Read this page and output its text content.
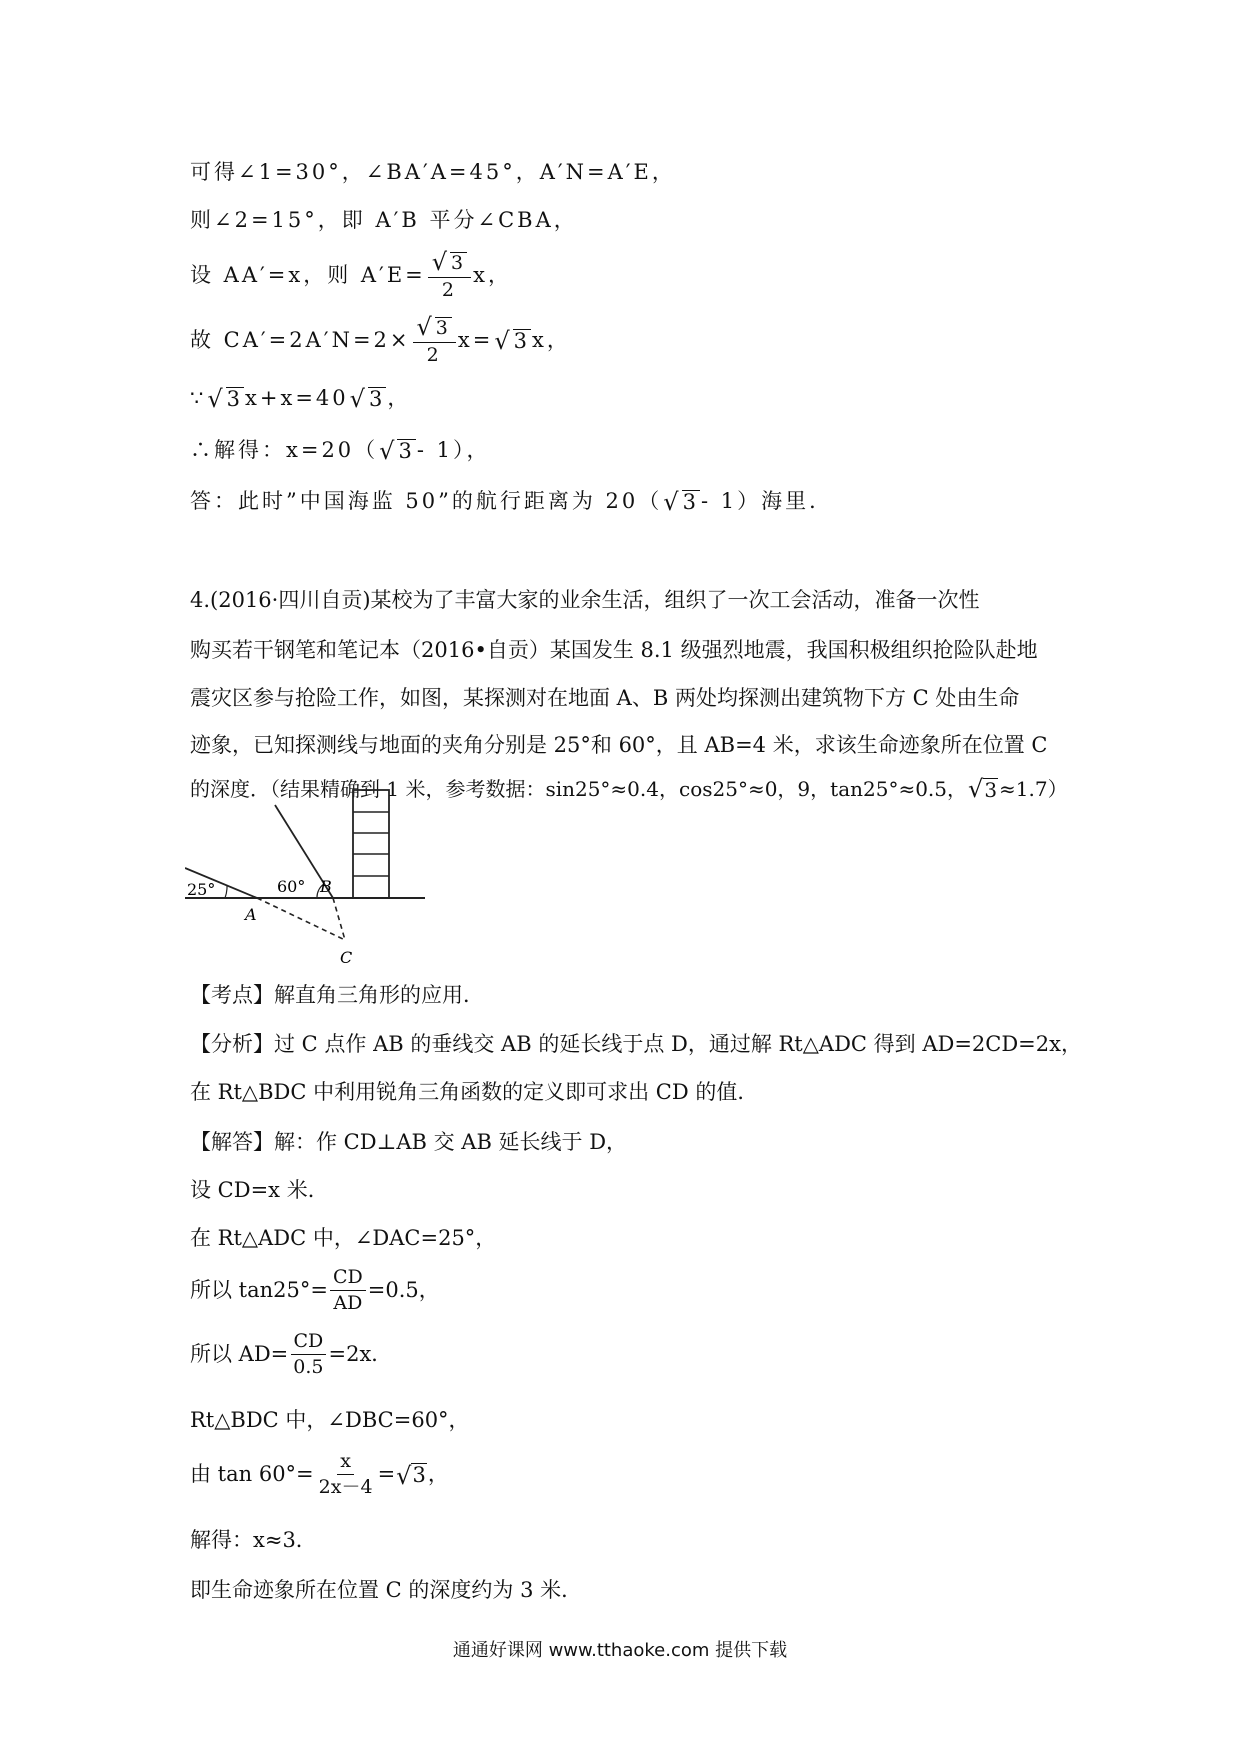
可得∠1=30°，∠BA′A=45°，A′N=A′E，
则∠2=15°，即 A′B 平分∠CBA，
设 AA′=x，则 $A'E= \frac{√ 3}{2}$ x，
故 $CA'=2A'N=2\times \frac{√ 3}{2} x=$ √ 3 x，
∵ √ 3 x+x=40 √ 3 ，
∴解得：x=20（ √ 3 - 1），
答：此时”中国海监 50”的航行距离为 20（ √ 3 - 1）海里．
4.(2016·四川自贡)某校为了丰富大家的业余生活，组织了一次工会活动，准备一次性
购买若干钢笔和笔记本（2016•自贡）某国发生 8.1 级强烈地震，我国积极组织抢险队赴地
震灾区参与抢险工作，如图，某探测对在地面 A、B 两处均探测出建筑物下方 C 处由生命
迹象，已知探测线与地面的夹角分别是 25°和 60°，且 AB=4 米，求该生命迹象所在位置 C
的深度．（结果精确到 1 米，参考数据：sin25°≈0.4，cos25°≈0，9，tan25°≈0.5， √ 3 ≈1.7）
25°	60°
A
B
C
【考点】解直角三角形的应用．
【分析】过 C 点作 AB 的垂线交 AB 的延长线于点 D，通过解 Rt△ADC 得到 AD=2CD=2x，
在 Rt△BDC 中利用锐角三角函数的定义即可求出 CD 的值．
【解答】解：作 CD⊥AB 交 AB 延长线于 D，
设 CD=x 米．
在 Rt△ADC 中，∠DAC=25°，
所以 $\tan 25^\circ= \frac{CD}{AD} =0.5$，
所以 $AD= \frac{CD}{0.5} =2x$．
Rt△BDC 中，∠DBC=60°，
由 $\tan 60^\circ= \frac{x}{2x-4}$ = √ 3 ，
解得：x≈3．
即生命迹象所在位置 C 的深度约为 3 米．
通通好课网 www.tthaoke.com 提供下载
